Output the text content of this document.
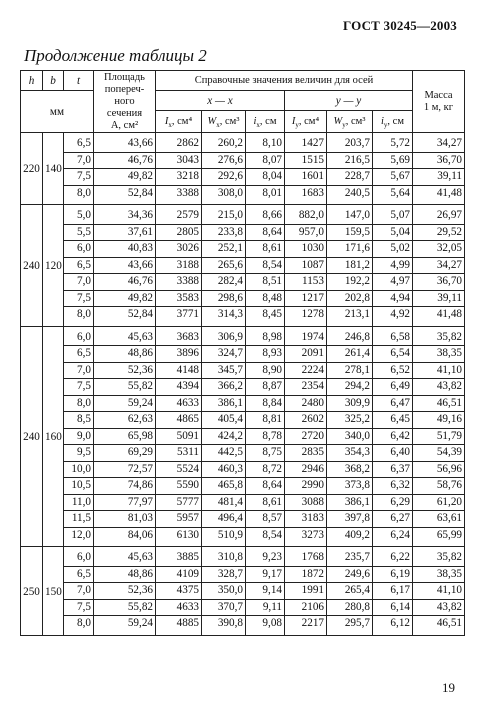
ГОСТ 30245—2003
Продолжение таблицы 2
h	b	t	Площадь
попереч-
ного
сечения
A, см²	Справочные значения величин для осей						Масса
1 м, кг
мм				x — x			y — y			
				$I_x$, см⁴	$W_x$, см³	$i_x$, см	$I_y$, см⁴	$W_y$, см³	$i_y$, см	
220	140	6,5	43,66	2862	260,2	8,10	1427	203,7	5,72	34,27
		7,0	46,76	3043	276,6	8,07	1515	216,5	5,69	36,70
		7,5	49,82	3218	292,6	8,04	1601	228,7	5,67	39,11
		8,0	52,84	3388	308,0	8,01	1683	240,5	5,64	41,48
240	120	5,0	34,36	2579	215,0	8,66	882,0	147,0	5,07	26,97
		5,5	37,61	2805	233,8	8,64	957,0	159,5	5,04	29,52
		6,0	40,83	3026	252,1	8,61	1030	171,6	5,02	32,05
		6,5	43,66	3188	265,6	8,54	1087	181,2	4,99	34,27
		7,0	46,76	3388	282,4	8,51	1153	192,2	4,97	36,70
		7,5	49,82	3583	298,6	8,48	1217	202,8	4,94	39,11
		8,0	52,84	3771	314,3	8,45	1278	213,1	4,92	41,48
240	160	6,0	45,63	3683	306,9	8,98	1974	246,8	6,58	35,82
		6,5	48,86	3896	324,7	8,93	2091	261,4	6,54	38,35
		7,0	52,36	4148	345,7	8,90	2224	278,1	6,52	41,10
		7,5	55,82	4394	366,2	8,87	2354	294,2	6,49	43,82
		8,0	59,24	4633	386,1	8,84	2480	309,9	6,47	46,51
		8,5	62,63	4865	405,4	8,81	2602	325,2	6,45	49,16
		9,0	65,98	5091	424,2	8,78	2720	340,0	6,42	51,79
		9,5	69,29	5311	442,5	8,75	2835	354,3	6,40	54,39
		10,0	72,57	5524	460,3	8,72	2946	368,2	6,37	56,96
		10,5	74,86	5590	465,8	8,64	2990	373,8	6,32	58,76
		11,0	77,97	5777	481,4	8,61	3088	386,1	6,29	61,20
		11,5	81,03	5957	496,4	8,57	3183	397,8	6,27	63,61
		12,0	84,06	6130	510,9	8,54	3273	409,2	6,24	65,99
250	150	6,0	45,63	3885	310,8	9,23	1768	235,7	6,22	35,82
		6,5	48,86	4109	328,7	9,17	1872	249,6	6,19	38,35
		7,0	52,36	4375	350,0	9,14	1991	265,4	6,17	41,10
		7,5	55,82	4633	370,7	9,11	2106	280,8	6,14	43,82
		8,0	59,24	4885	390,8	9,08	2217	295,7	6,12	46,51
19
